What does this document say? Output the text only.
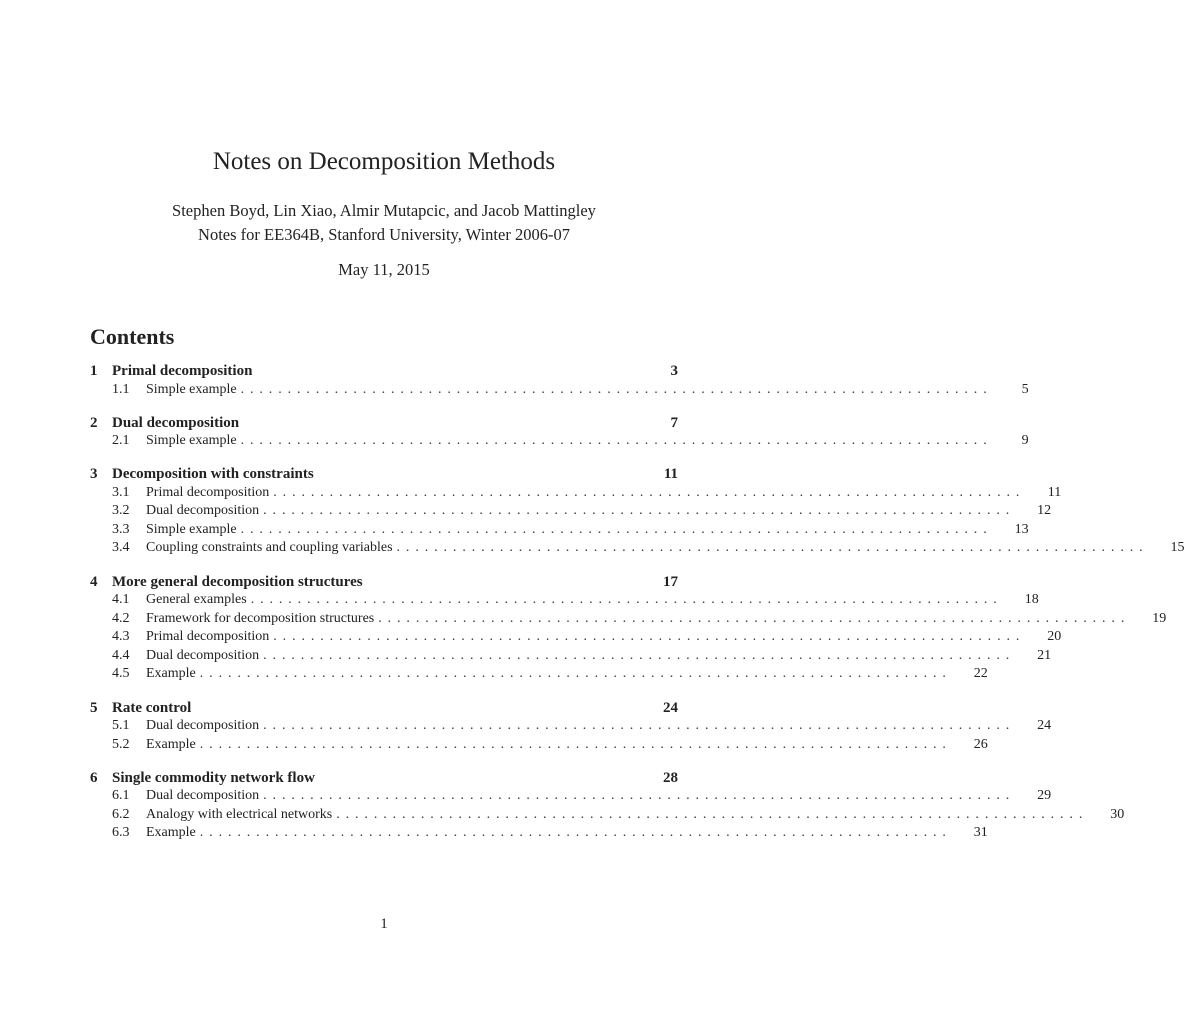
Notes on Decomposition Methods
Stephen Boyd, Lin Xiao, Almir Mutapcic, and Jacob Mattingley
Notes for EE364B, Stanford University, Winter 2006-07
May 11, 2015
Contents
1 Primal decomposition	3
1.1	Simple example ................................................................................	5
2 Dual decomposition	7
2.1	Simple example ................................................................................	9
3 Decomposition with constraints	11
3.1	Primal decomposition ................................................................................	11
3.2	Dual decomposition ................................................................................	12
3.3	Simple example ................................................................................	13
3.4	Coupling constraints and coupling variables ................................................................................	15
4 More general decomposition structures	17
4.1	General examples ................................................................................	18
4.2	Framework for decomposition structures ................................................................................	19
4.3	Primal decomposition ................................................................................	20
4.4	Dual decomposition ................................................................................	21
4.5	Example ................................................................................	22
5 Rate control	24
5.1	Dual decomposition ................................................................................	24
5.2	Example ................................................................................	26
6 Single commodity network flow	28
6.1	Dual decomposition ................................................................................	29
6.2	Analogy with electrical networks ................................................................................	30
6.3	Example ................................................................................	31
1
